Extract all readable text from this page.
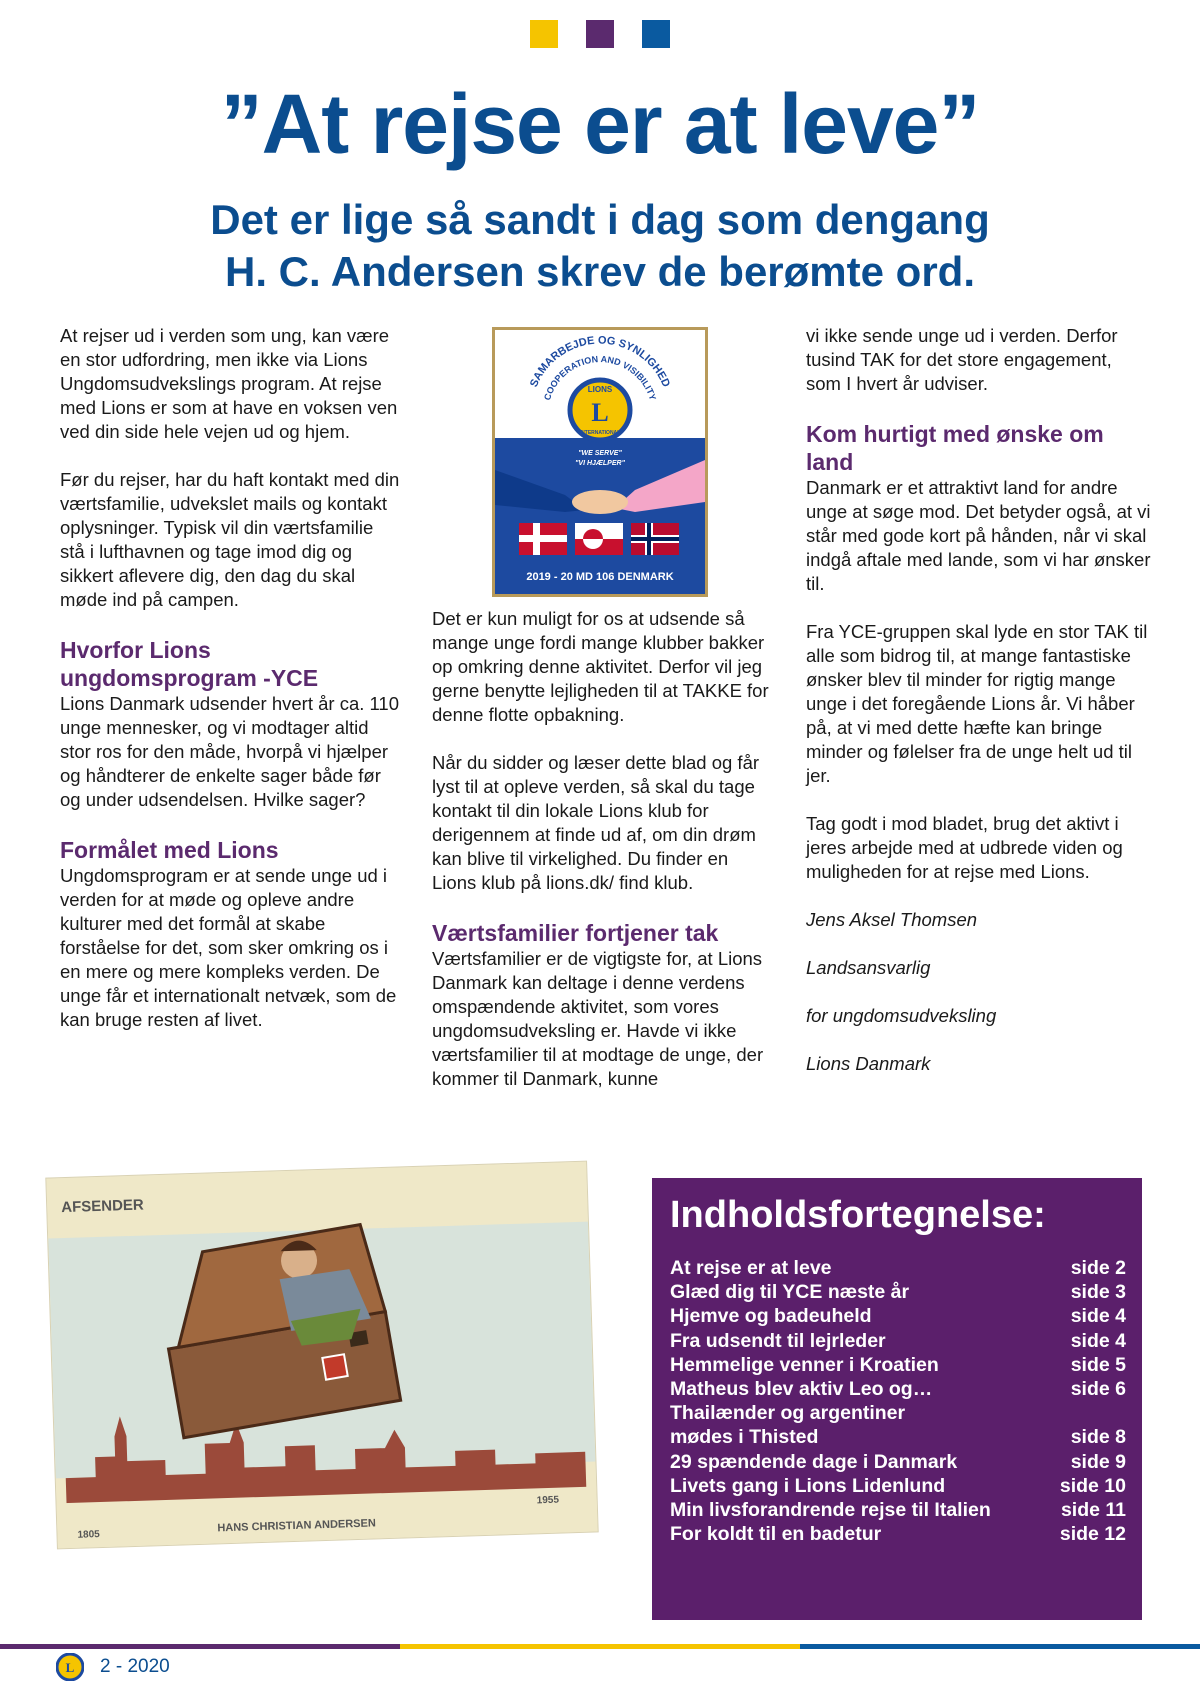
”At rejse er at leve”
Det er lige så sandt i dag som dengang
H. C. Andersen skrev de berømte ord.

At rejser ud i verden som ung, kan være en stor udfordring, men ikke via Lions Ungdomsudvekslings program. At rejse med Lions er som at have en voksen ven ved din side hele vejen ud og hjem.

Før du rejser, har du haft kontakt med din værtsfamilie, udvekslet mails og kontakt oplysninger. Typisk vil din værtsfamilie stå i lufthavnen og tage imod dig og sikkert aflevere dig, den dag du skal møde ind på campen.

Hvorfor Lions ungdomsprogram -YCE

Lions Danmark udsender hvert år ca. 110 unge mennesker, og vi modtager altid stor ros for den måde, hvorpå vi hjælper og håndterer de enkelte sager både før og under udsendelsen. Hvilke sager?

Formålet med Lions

Ungdomsprogram er at sende unge ud i verden for at møde og opleve andre kulturer med det formål at skabe forståelse for det, som sker omkring os i en mere og mere kompleks verden. De unge får et internationalt netvæk, som de kan bruge resten af livet.

SAMARBEJDE OG SYNLIGHED
COOPERATION AND VISIBILITY
LIONS
L
INTERNATIONAL
"WE SERVE"
"VI HJÆLPER"
2019 - 20 MD 106 DENMARK

Det er kun muligt for os at udsende så mange unge fordi mange klubber bakker op omkring denne aktivitet. Derfor vil jeg gerne benytte lejligheden til at TAKKE for denne flotte opbakning.

Når du sidder og læser dette blad og får lyst til at opleve verden, så skal du tage kontakt til din lokale Lions klub for derigennem at finde ud af, om din drøm kan blive til virkelighed. Du finder en Lions klub på lions.dk/ find klub.

Værtsfamilier fortjener tak

Værtsfamilier er de vigtigste for, at Lions Danmark kan deltage i denne verdens omspændende aktivitet, som vores ungdomsudveksling er. Havde vi ikke værtsfamilier til at modtage de unge, der kommer til Danmark, kunne

vi ikke sende unge ud i verden. Derfor tusind TAK for det store engagement, som I hvert år udviser.

Kom hurtigt med ønske om land

Danmark er et attraktivt land for andre unge at søge mod. Det betyder også, at vi står med gode kort på hånden, når vi skal indgå aftale med lande, som vi har ønsker til.

Fra YCE-gruppen skal lyde en stor TAK til alle som bidrog til, at mange fantastiske ønsker blev til minder for rigtig mange unge i det foregående Lions år. Vi håber på, at vi med dette hæfte kan bringe minder og følelser fra de unge helt ud til jer.

Tag godt i mod bladet, brug det aktivt i jeres arbejde med at udbrede viden og muligheden for at rejse med Lions.

Jens Aksel Thomsen

Landsansvarlig

for ungdomsudveksling

Lions Danmark

AFSENDER
1805
HANS CHRISTIAN ANDERSEN
1955
Indholdsfortegnelse:
At rejse er at leve	side 2
Glæd dig til YCE næste år	side 3
Hjemve og badeuheld	side 4
Fra udsendt til lejrleder	side 4
Hemmelige venner i Kroatien	side 5
Matheus blev aktiv Leo og…	side 6
Thailænder og argentiner
mødes i Thisted	side 8
29 spændende dage i Danmark	side 9
Livets gang i Lions Lidenlund	side 10
Min livsforandrende rejse til Italien	side 11
For koldt til en badetur	side 12
L 2 - 2020
